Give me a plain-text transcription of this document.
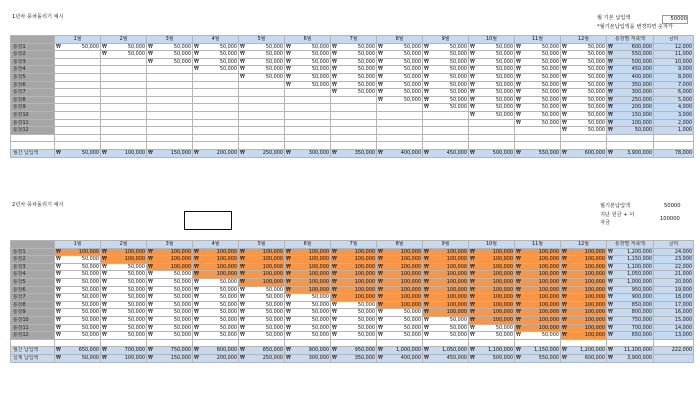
1년차 풍차돌리기 예시	월 기본 납입액	50000
*월기본납입액을 변경하면 숫자가
	1월	2월	3월	4월	5월	6월	7월	8월	9월	10월	11월	12월	통장별 저축액	금리
통장1	₩ 50,000	₩ 50,000	₩ 50,000	₩ 50,000	₩ 50,000	₩ 50,000	₩ 50,000	₩ 50,000	₩ 50,000	₩ 50,000	₩ 50,000	₩ 50,000	₩ 600,000	12,000
통장2		₩ 50,000	₩ 50,000	₩ 50,000	₩ 50,000	₩ 50,000	₩ 50,000	₩ 50,000	₩ 50,000	₩ 50,000	₩ 50,000	₩ 50,000	₩ 550,000	11,000
통장3			₩ 50,000	₩ 50,000	₩ 50,000	₩ 50,000	₩ 50,000	₩ 50,000	₩ 50,000	₩ 50,000	₩ 50,000	₩ 50,000	₩ 500,000	10,000
통장4				₩ 50,000	₩ 50,000	₩ 50,000	₩ 50,000	₩ 50,000	₩ 50,000	₩ 50,000	₩ 50,000	₩ 50,000	₩ 450,000	9,000
통장5					₩ 50,000	₩ 50,000	₩ 50,000	₩ 50,000	₩ 50,000	₩ 50,000	₩ 50,000	₩ 50,000	₩ 400,000	8,000
통장6						₩ 50,000	₩ 50,000	₩ 50,000	₩ 50,000	₩ 50,000	₩ 50,000	₩ 50,000	₩ 350,000	7,000
통장7							₩ 50,000	₩ 50,000	₩ 50,000	₩ 50,000	₩ 50,000	₩ 50,000	₩ 300,000	6,000
통장8								₩ 50,000	₩ 50,000	₩ 50,000	₩ 50,000	₩ 50,000	₩ 250,000	5,000
통장9									₩ 50,000	₩ 50,000	₩ 50,000	₩ 50,000	₩ 200,000	4,000
통장10										₩ 50,000	₩ 50,000	₩ 50,000	₩ 150,000	3,000
통장11											₩ 50,000	₩ 50,000	₩ 100,000	2,000
통장12												₩ 50,000	₩ 50,000	1,000

월간 납입액	₩ 50,000	₩ 100,000	₩ 150,000	₩ 200,000	₩ 250,000	₩ 300,000	₩ 350,000	₩ 400,000	₩ 450,000	₩ 500,000	₩ 550,000	₩ 600,000	₩ 3,900,000	78,000
2년차 풍차돌리기 예시	월기본납입액	50000
지난 원금 + 이
자금
100000
	1월	2월	3월	4월	5월	6월	7월	8월	9월	10월	11월	12월	통장별 저축액	금리
통장1	₩ 100,000	₩ 100,000	₩ 100,000	₩ 100,000	₩ 100,000	₩ 100,000	₩ 100,000	₩ 100,000	₩ 100,000	₩ 100,000	₩ 100,000	₩ 100,000	₩ 1,200,000	24,000
통장2	₩ 50,000	₩ 100,000	₩ 100,000	₩ 100,000	₩ 100,000	₩ 100,000	₩ 100,000	₩ 100,000	₩ 100,000	₩ 100,000	₩ 100,000	₩ 100,000	₩ 1,150,000	23,000
통장3	₩ 50,000	₩ 50,000	₩ 100,000	₩ 100,000	₩ 100,000	₩ 100,000	₩ 100,000	₩ 100,000	₩ 100,000	₩ 100,000	₩ 100,000	₩ 100,000	₩ 1,100,000	22,000
통장4	₩ 50,000	₩ 50,000	₩ 50,000	₩ 100,000	₩ 100,000	₩ 100,000	₩ 100,000	₩ 100,000	₩ 100,000	₩ 100,000	₩ 100,000	₩ 100,000	₩ 1,050,000	21,000
통장5	₩ 50,000	₩ 50,000	₩ 50,000	₩ 50,000	₩ 100,000	₩ 100,000	₩ 100,000	₩ 100,000	₩ 100,000	₩ 100,000	₩ 100,000	₩ 100,000	₩ 1,000,000	20,000
통장6	₩ 50,000	₩ 50,000	₩ 50,000	₩ 50,000	₩ 50,000	₩ 100,000	₩ 100,000	₩ 100,000	₩ 100,000	₩ 100,000	₩ 100,000	₩ 100,000	₩ 950,000	19,000
통장7	₩ 50,000	₩ 50,000	₩ 50,000	₩ 50,000	₩ 50,000	₩ 50,000	₩ 100,000	₩ 100,000	₩ 100,000	₩ 100,000	₩ 100,000	₩ 100,000	₩ 900,000	18,000
통장8	₩ 50,000	₩ 50,000	₩ 50,000	₩ 50,000	₩ 50,000	₩ 50,000	₩ 50,000	₩ 100,000	₩ 100,000	₩ 100,000	₩ 100,000	₩ 100,000	₩ 850,000	17,000
통장9	₩ 50,000	₩ 50,000	₩ 50,000	₩ 50,000	₩ 50,000	₩ 50,000	₩ 50,000	₩ 50,000	₩ 100,000	₩ 100,000	₩ 100,000	₩ 100,000	₩ 800,000	16,000
통장10	₩ 50,000	₩ 50,000	₩ 50,000	₩ 50,000	₩ 50,000	₩ 50,000	₩ 50,000	₩ 50,000	₩ 50,000	₩ 100,000	₩ 100,000	₩ 100,000	₩ 750,000	15,000
통장11	₩ 50,000	₩ 50,000	₩ 50,000	₩ 50,000	₩ 50,000	₩ 50,000	₩ 50,000	₩ 50,000	₩ 50,000	₩ 50,000	₩ 100,000	₩ 100,000	₩ 700,000	14,000
통장12	₩ 50,000	₩ 50,000	₩ 50,000	₩ 50,000	₩ 50,000	₩ 50,000	₩ 50,000	₩ 50,000	₩ 50,000	₩ 50,000	₩ 50,000	₩ 100,000	₩ 650,000	13,000

월간 납입액	₩ 650,000	₩ 700,000	₩ 750,000	₩ 800,000	₩ 850,000	₩ 900,000	₩ 950,000	₩ 1,000,000	₩ 1,050,000	₩ 1,100,000	₩ 1,150,000	₩ 1,200,000	₩ 11,100,000	222,000
실제 납입액	₩ 50,000	₩ 100,000	₩ 150,000	₩ 200,000	₩ 250,000	₩ 300,000	₩ 350,000	₩ 400,000	₩ 450,000	₩ 500,000	₩ 550,000	₩ 600,000	₩ 3,900,000	
